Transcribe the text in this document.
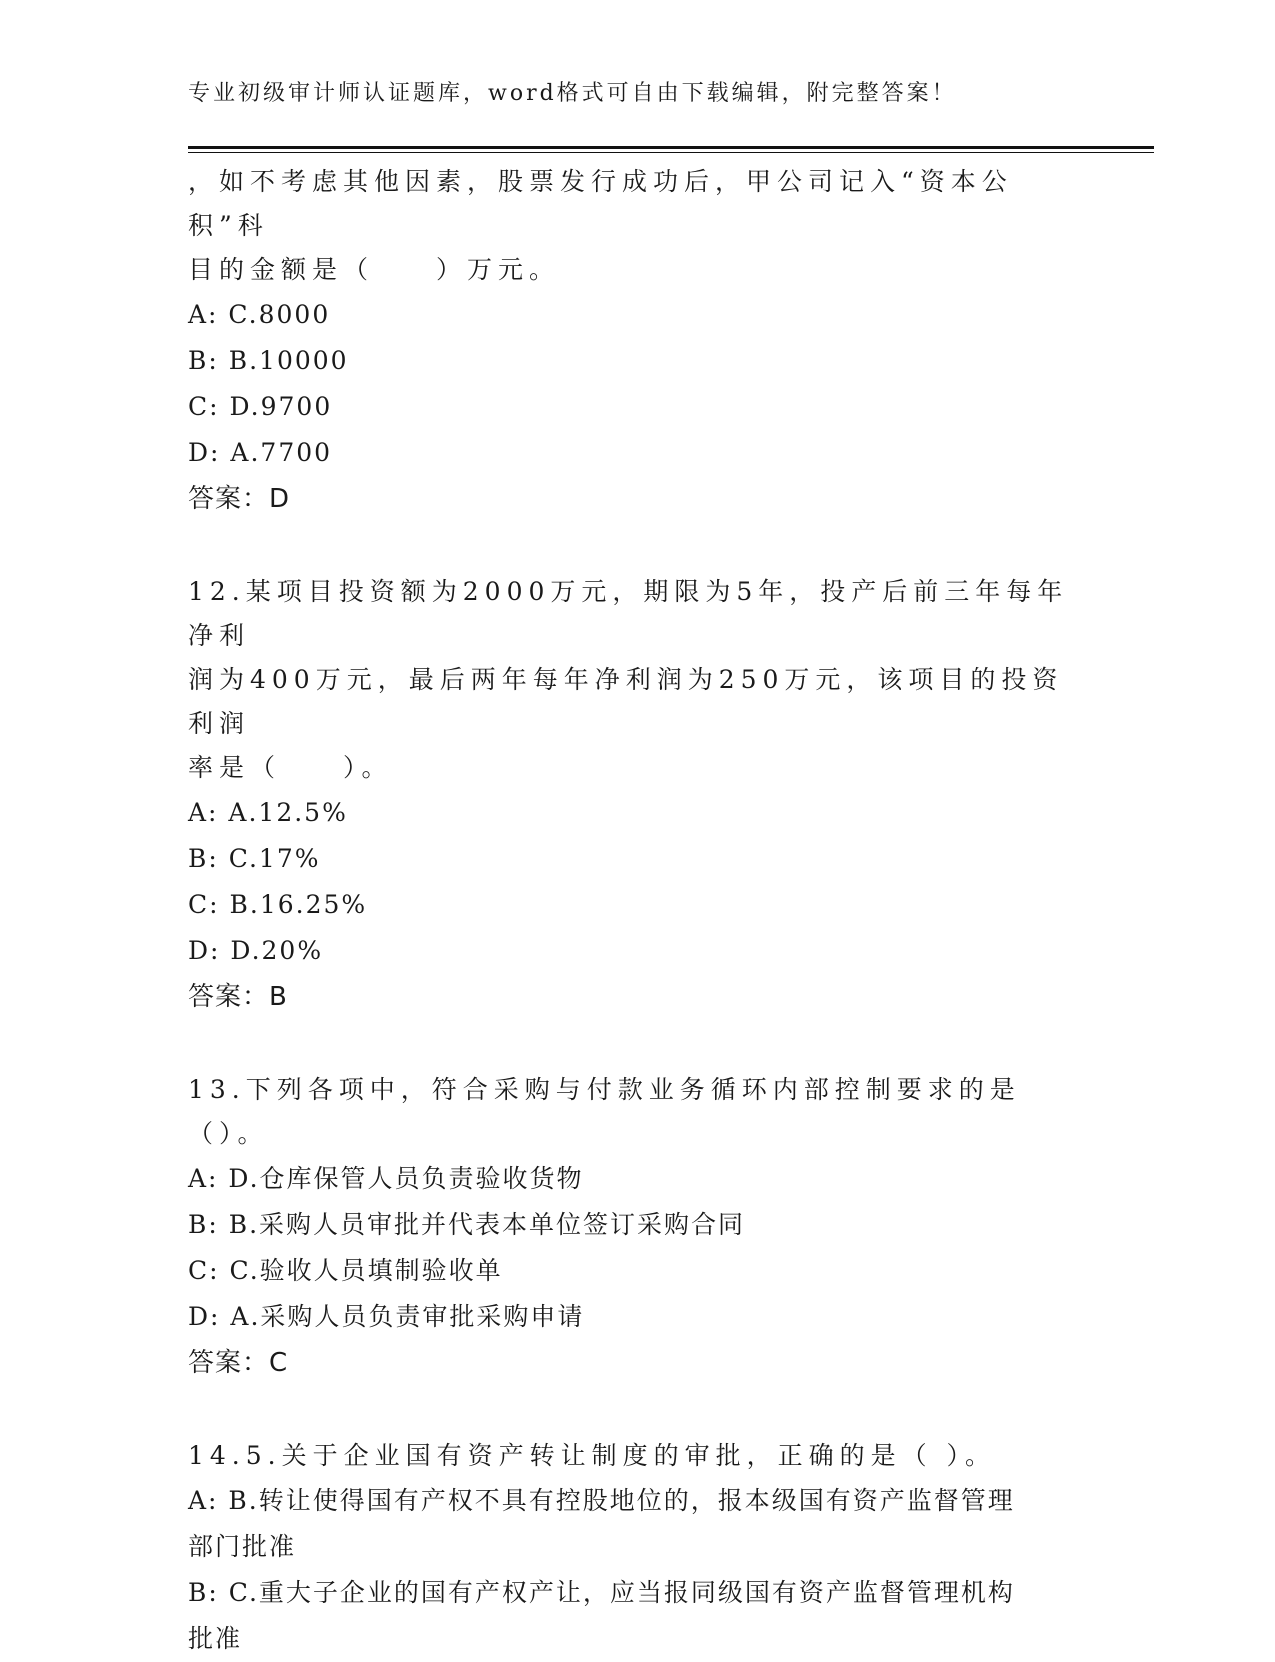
专业初级审计师认证题库，word格式可自由下载编辑，附完整答案！
，如不考虑其他因素，股票发行成功后，甲公司记入“资本公积”科
目的金额是（　　）万元。
A: C.8000
B: B.10000
C: D.9700
D: A.7700
答案：D
12.某项目投资额为2000万元，期限为5年，投产后前三年每年净利
润为400万元，最后两年每年净利润为250万元，该项目的投资利润
率是（　　）。
A: A.12.5%
B: C.17%
C: B.16.25%
D: D.20%
答案：B
13.下列各项中，符合采购与付款业务循环内部控制要求的是（）。
A: D.仓库保管人员负责验收货物
B: B.采购人员审批并代表本单位签订采购合同
C: C.验收人员填制验收单
D: A.采购人员负责审批采购申请
答案：C
14.5.关于企业国有资产转让制度的审批，正确的是（ ）。
A: B.转让使得国有产权不具有控股地位的，报本级国有资产监督管理
部门批准
B: C.重大子企业的国有产权产让，应当报同级国有资产监督管理机构
批准
